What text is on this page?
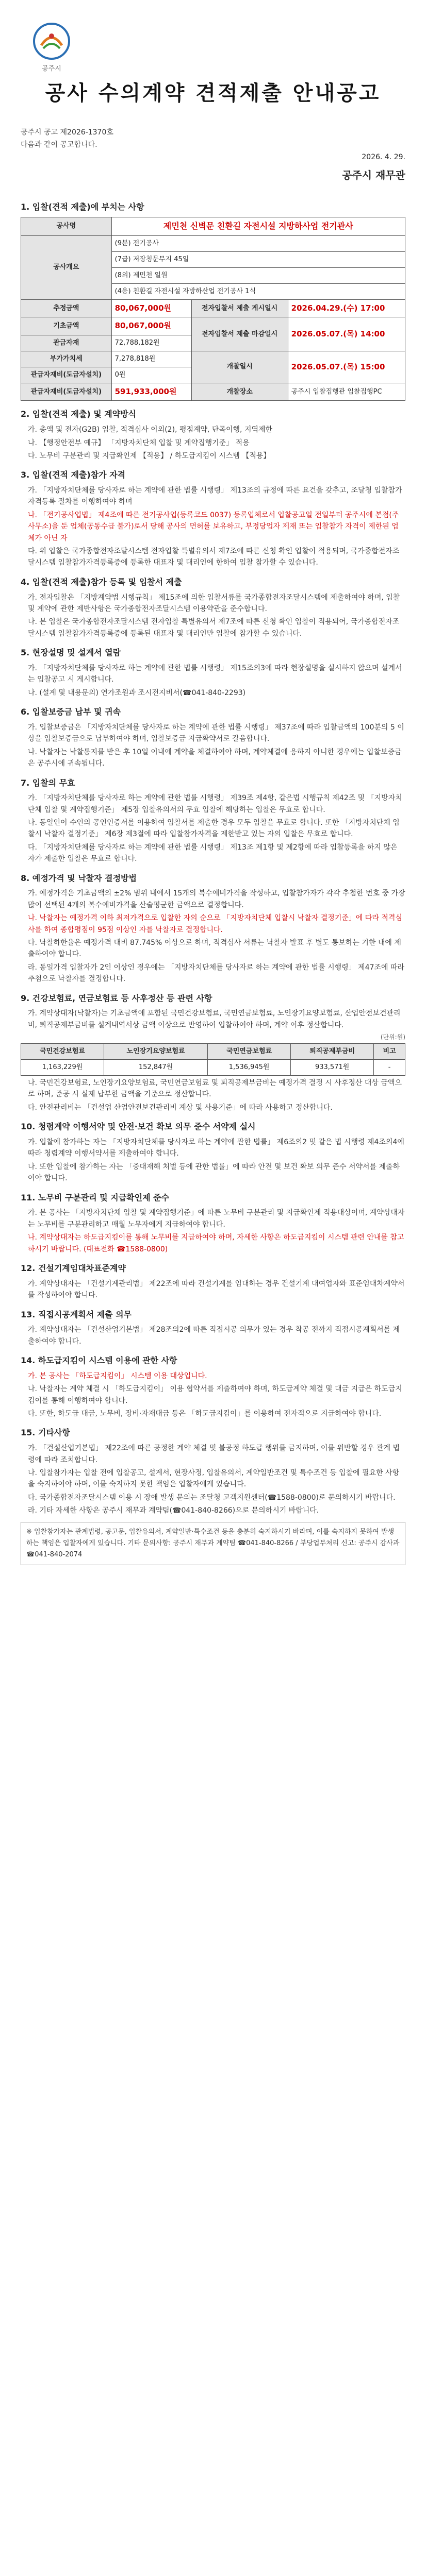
공주시
공사 수의계약 견적제출 안내공고
공주시 공고 제2026-1370호
다음과 같이 공고합니다.
2026. 4. 29.
공주시 재무관
1. 입찰(견적 제출)에 부치는 사항
공사명	제민천 신벽문 친환길 자전시설 지방하사업 전기관사		
공사개요	(9분) 전기공사		
	(7급) 저장칭문무지 45일		
	(8의) 제민천 일원		
	(4용) 친환길 자전시설 자방하산업 전기공사 1식		
추정금액	80,067,000원	전자입찰서 제출 게시일시	2026.04.29.(수) 17:00
기초금액	80,067,000원	전자입찰서 제출 마감일시	2026.05.07.(목) 14:00
관급자재	72,788,182원		
부가가치세	7,278,818원	개찰일시	2026.05.07.(목) 15:00
관급자재비(도급자설치)	0원		
관급자재비(도급자설치)	591,933,000원	개찰장소	공주시 입찰집행관 입찰집행PC
2. 입찰(견적 제출) 및 계약방식
가. 총액 및 전자(G2B) 입찰, 적격심사 이외(2), 평점계약, 단목이행, 지역제한
나. 【행정안전부 예규】 「지방자치단체 입찰 및 계약집행기준」 적용
다. 노무비 구분관리 및 지급확인제 【적용】 / 하도급지킴이 시스템 【적용】
3. 입찰(견적 제출)참가 자격
가. 「지방자치단체를 당사자로 하는 계약에 관한 법률 시행령」 제13조의 규정에 따른 요건을 갖추고, 조달청 입찰참가자격등록 절차를 이행하여야 하며
나. 「전기공사업법」 제4조에 따른 전기공사업(등록코드 0037) 등록업체로서 입찰공고일 전일부터 공주시에 본점(주사무소)을 둔 업체(공동수급 불가)로서 당해 공사의 면허를 보유하고, 부정당업자 제재 또는 입찰참가 자격이 제한된 업체가 아닌 자
다. 위 입찰은 국가종합전자조달시스템 전자입찰 특별유의서 제7조에 따른 신청 확인 입찰이 적용되며, 국가종합전자조달시스템 입찰참가자격등록증에 등록한 대표자 및 대리인에 한하여 입찰 참가할 수 있습니다.
4. 입찰(견적 제출)참가 등록 및 입찰서 제출
가. 전자입찰은 「지방계약법 시행규칙」 제15조에 의한 입찰서류를 국가종합전자조달시스템에 제출하여야 하며, 입찰 및 계약에 관한 제반사항은 국가종합전자조달시스템 이용약관을 준수합니다.
나. 본 입찰은 국가종합전자조달시스템 전자입찰 특별유의서 제7조에 따른 신청 확인 입찰이 적용되어, 국가종합전자조달시스템 입찰참가자격등록증에 등록된 대표자 및 대리인만 입찰에 참가할 수 있습니다.
5. 현장설명 및 설계서 열람
가. 「지방자치단체를 당사자로 하는 계약에 관한 법률 시행령」 제15조의3에 따라 현장설명을 실시하지 않으며 설계서는 입찰공고 시 게시합니다.
나. (설계 및 내용문의) 연가조원과 조시전지비서(☎041-840-2293)
6. 입찰보증금 납부 및 귀속
가. 입찰보증금은 「지방자치단체를 당사자로 하는 계약에 관한 법률 시행령」 제37조에 따라 입찰금액의 100분의 5 이상을 입찰보증금으로 납부하여야 하며, 입찰보증금 지급확약서로 갈음합니다.
나. 낙찰자는 낙찰통지를 받은 후 10일 이내에 계약을 체결하여야 하며, 계약체결에 응하지 아니한 경우에는 입찰보증금은 공주시에 귀속됩니다.
7. 입찰의 무효
가. 「지방자치단체를 당사자로 하는 계약에 관한 법률 시행령」 제39조 제4항, 같은법 시행규칙 제42조 및 「지방자치단체 입찰 및 계약집행기준」 제5장 입찰유의서의 무효 입찰에 해당하는 입찰은 무효로 합니다.
나. 동일인이 수인의 공인인증서를 이용하여 입찰서를 제출한 경우 모두 입찰을 무효로 합니다. 또한 「지방자치단체 입찰시 낙찰자 결정기준」 제6장 제3절에 따라 입찰참가자격을 제한받고 있는 자의 입찰은 무효로 합니다.
다. 「지방자치단체를 당사자로 하는 계약에 관한 법률 시행령」 제13조 제1항 및 제2항에 따라 입찰등록을 하지 않은 자가 제출한 입찰은 무효로 합니다.
8. 예정가격 및 낙찰자 결정방법
가. 예정가격은 기초금액의 ±2% 범위 내에서 15개의 복수예비가격을 작성하고, 입찰참가자가 각각 추첨한 번호 중 가장 많이 선택된 4개의 복수예비가격을 산술평균한 금액으로 결정합니다.
나. 낙찰자는 예정가격 이하 최저가격으로 입찰한 자의 순으로 「지방자치단체 입찰시 낙찰자 결정기준」에 따라 적격심사를 하여 종합평점이 95점 이상인 자를 낙찰자로 결정합니다.
다. 낙찰하한율은 예정가격 대비 87.745% 이상으로 하며, 적격심사 서류는 낙찰자 발표 후 별도 통보하는 기한 내에 제출하여야 합니다.
라. 동일가격 입찰자가 2인 이상인 경우에는 「지방자치단체를 당사자로 하는 계약에 관한 법률 시행령」 제47조에 따라 추첨으로 낙찰자를 결정합니다.
9. 건강보험료, 연금보험료 등 사후정산 등 관련 사항
가. 계약상대자(낙찰자)는 기초금액에 포함된 국민건강보험료, 국민연금보험료, 노인장기요양보험료, 산업안전보건관리비, 퇴직공제부금비를 설계내역서상 금액 이상으로 반영하여 입찰하여야 하며, 계약 이후 정산합니다.
(단위:원)
국민건강보험료	노인장기요양보험료	국민연금보험료	퇴직공제부금비	비고
1,163,229원	152,847원	1,536,945원	933,571원	-
나. 국민건강보험료, 노인장기요양보험료, 국민연금보험료 및 퇴직공제부금비는 예정가격 결정 시 사후정산 대상 금액으로 하며, 준공 시 실제 납부한 금액을 기준으로 정산합니다.
다. 안전관리비는 「건설업 산업안전보건관리비 계상 및 사용기준」에 따라 사용하고 정산합니다.
10. 청렴계약 이행서약 및 안전·보건 확보 의무 준수 서약제 실시
가. 입찰에 참가하는 자는 「지방자치단체를 당사자로 하는 계약에 관한 법률」 제6조의2 및 같은 법 시행령 제4조의4에 따라 청렴계약 이행서약서를 제출하여야 합니다.
나. 또한 입찰에 참가하는 자는 「중대재해 처벌 등에 관한 법률」에 따라 안전 및 보건 확보 의무 준수 서약서를 제출하여야 합니다.
11. 노무비 구분관리 및 지급확인제 준수
가. 본 공사는 「지방자치단체 입찰 및 계약집행기준」에 따른 노무비 구분관리 및 지급확인제 적용대상이며, 계약상대자는 노무비를 구분관리하고 매월 노무자에게 지급하여야 합니다.
나. 계약상대자는 하도급지킴이를 통해 노무비를 지급하여야 하며, 자세한 사항은 하도급지킴이 시스템 관련 안내를 참고하시기 바랍니다. (대표전화 ☎1588-0800)
12. 건설기계임대차표준계약
가. 계약상대자는 「건설기계관리법」 제22조에 따라 건설기계를 임대하는 경우 건설기계 대여업자와 표준임대차계약서를 작성하여야 합니다.
13. 직접시공계획서 제출 의무
가. 계약상대자는 「건설산업기본법」 제28조의2에 따른 직접시공 의무가 있는 경우 착공 전까지 직접시공계획서를 제출하여야 합니다.
14. 하도급지킴이 시스템 이용에 관한 사항
가. 본 공사는 「하도급지킴이」 시스템 이용 대상입니다.
나. 낙찰자는 계약 체결 시 「하도급지킴이」 이용 협약서를 제출하여야 하며, 하도급계약 체결 및 대금 지급은 하도급지킴이를 통해 이행하여야 합니다.
다. 또한, 하도급 대금, 노무비, 장비·자재대금 등은 「하도급지킴이」를 이용하여 전자적으로 지급하여야 합니다.
15. 기타사항
가. 「건설산업기본법」 제22조에 따른 공정한 계약 체결 및 불공정 하도급 행위를 금지하며, 이를 위반할 경우 관계 법령에 따라 조치합니다.
나. 입찰참가자는 입찰 전에 입찰공고, 설계서, 현장사정, 입찰유의서, 계약일반조건 및 특수조건 등 입찰에 필요한 사항을 숙지하여야 하며, 이를 숙지하지 못한 책임은 입찰자에게 있습니다.
다. 국가종합전자조달시스템 이용 시 장애 발생 문의는 조달청 고객지원센터(☎1588-0800)로 문의하시기 바랍니다.
라. 기타 자세한 사항은 공주시 재무과 계약팀(☎041-840-8266)으로 문의하시기 바랍니다.
※ 입찰참가자는 관계법령, 공고문, 입찰유의서, 계약일반·특수조건 등을 충분히 숙지하시기 바라며, 이를 숙지하지 못하여 발생하는 책임은 입찰자에게 있습니다. 기타 문의사항: 공주시 재무과 계약팀 ☎041-840-8266 / 부당업무처리 신고: 공주시 감사과 ☎041-840-2074
